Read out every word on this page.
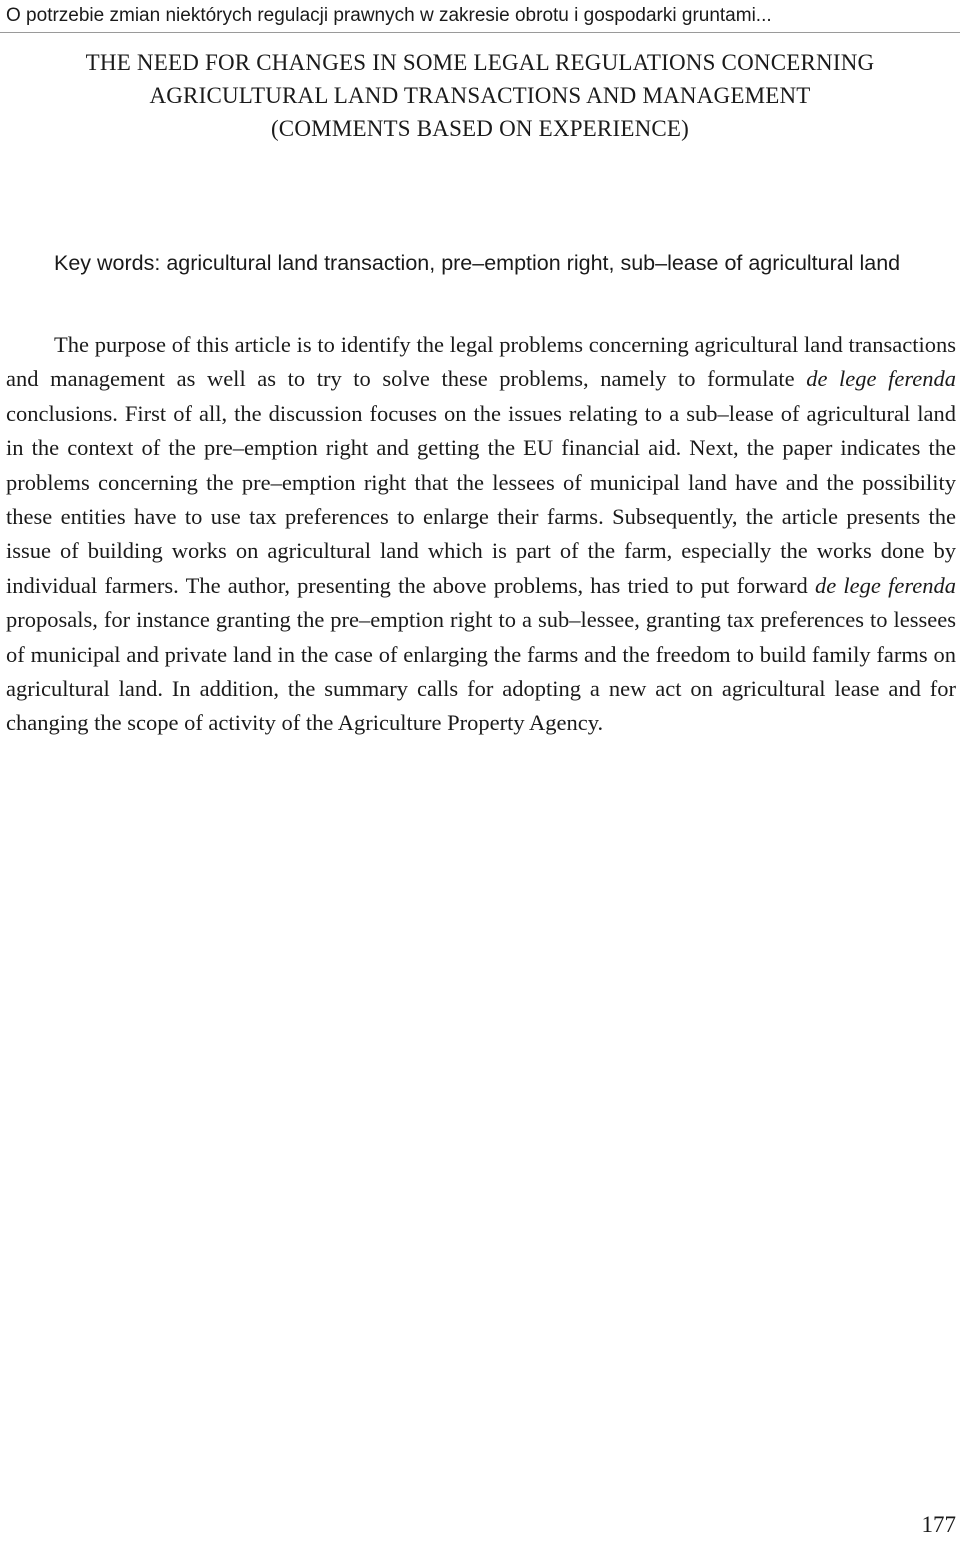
O potrzebie zmian niektórych regulacji prawnych w zakresie obrotu i gospodarki gruntami...
THE NEED FOR CHANGES IN SOME LEGAL REGULATIONS CONCERNING
AGRICULTURAL LAND TRANSACTIONS AND MANAGEMENT
(COMMENTS BASED ON EXPERIENCE)

Key words: agricultural land transaction, pre–emption right, sub–lease of agricultural land

The purpose of this article is to identify the legal problems concerning agricultural land transactions and management as well as to try to solve these problems, namely to formulate de lege ferenda conclusions. First of all, the discussion focuses on the issues relating to a sub–lease of agricultural land in the context of the pre–emption right and getting the EU financial aid. Next, the paper indicates the problems concerning the pre–emption right that the lessees of municipal land have and the possibility these entities have to use tax preferences to enlarge their farms. Subsequently, the article presents the issue of building works on agricultural land which is part of the farm, especially the works done by individual farmers. The author, presenting the above problems, has tried to put forward de lege ferenda proposals, for instance granting the pre–emption right to a sub–lessee, granting tax preferences to lessees of municipal and private land in the case of enlarging the farms and the freedom to build family farms on agricultural land. In addition, the summary calls for adopting a new act on agricultural lease and for changing the scope of activity of the Agriculture Property Agency.

177
